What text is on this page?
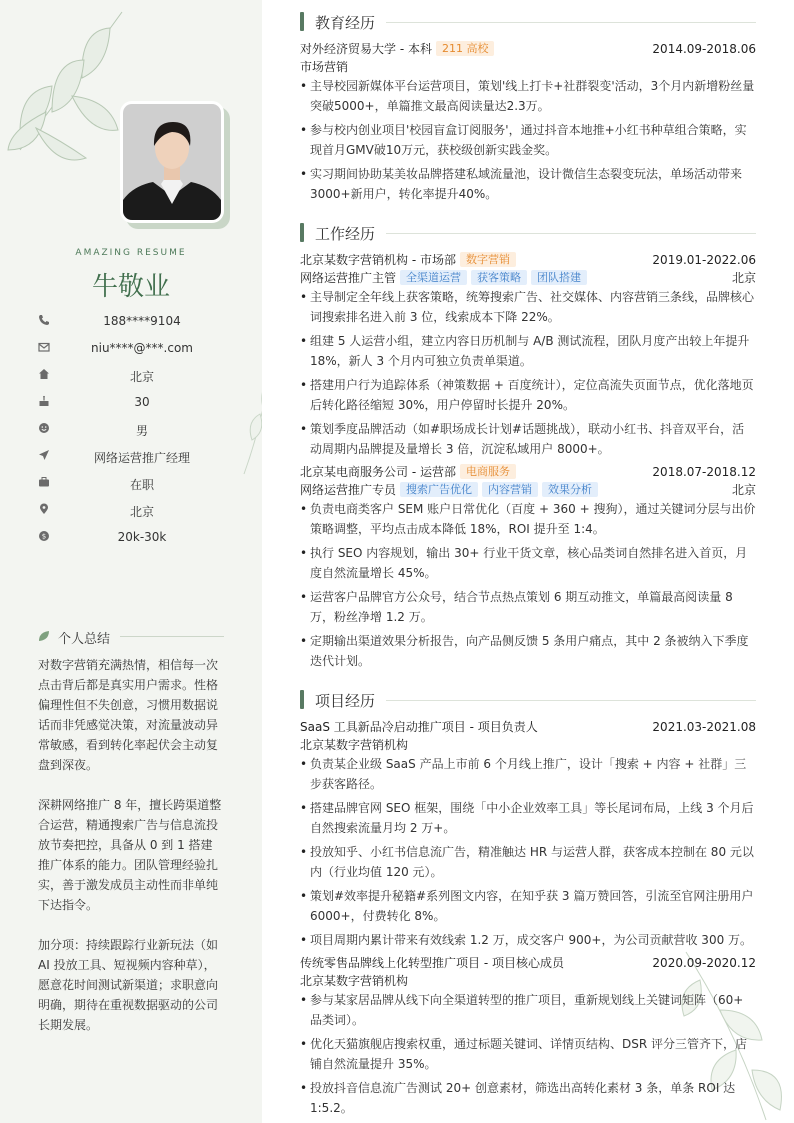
AMAZING RESUME
牛敬业
188****9104
niu****@***.com
北京
30
男
网络运营推广经理
在职
北京
$	20k-30k
个人总结

对数字营销充满热情，相信每一次点击背后都是真实用户需求。性格偏理性但不失创意，习惯用数据说话而非凭感觉决策，对流量波动异常敏感，看到转化率起伏会主动复盘到深夜。

深耕网络推广 8 年，擅长跨渠道整合运营，精通搜索广告与信息流投放节奏把控，具备从 0 到 1 搭建推广体系的能力。团队管理经验扎实，善于激发成员主动性而非单纯下达指令。

加分项：持续跟踪行业新玩法（如 AI 投放工具、短视频内容种草），愿意花时间测试新渠道；求职意向明确，期待在重视数据驱动的公司长期发展。

教育经历
对外经济贸易大学 - 本科 211 高校	2014.09-2018.06
市场营销
• 主导校园新媒体平台运营项目，策划'线上打卡+社群裂变'活动，3个月内新增粉丝量突破5000+，单篇推文最高阅读量达2.3万。
• 参与校内创业项目'校园盲盒订阅服务'，通过抖音本地推+小红书种草组合策略，实现首月GMV破10万元，获校级创新实践金奖。
• 实习期间协助某美妆品牌搭建私域流量池，设计微信生态裂变玩法，单场活动带来3000+新用户，转化率提升40%。
工作经历
北京某数字营销机构 - 市场部 数字营销	2019.01-2022.06
网络运营推广主管 全渠道运营 获客策略 团队搭建	北京
• 主导制定全年线上获客策略，统筹搜索广告、社交媒体、内容营销三条线，品牌核心词搜索排名进入前 3 位，线索成本下降 22%。
• 组建 5 人运营小组，建立内容日历机制与 A/B 测试流程，团队月度产出较上年提升 18%，新人 3 个月内可独立负责单渠道。
• 搭建用户行为追踪体系（神策数据 + 百度统计），定位高流失页面节点，优化落地页后转化路径缩短 30%，用户停留时长提升 20%。
• 策划季度品牌活动（如#职场成长计划#话题挑战），联动小红书、抖音双平台，活动周期内品牌提及量增长 3 倍，沉淀私域用户 8000+。
北京某电商服务公司 - 运营部 电商服务	2018.07-2018.12
网络运营推广专员 搜索广告优化 内容营销 效果分析	北京
• 负责电商类客户 SEM 账户日常优化（百度 + 360 + 搜狗），通过关键词分层与出价策略调整，平均点击成本降低 18%，ROI 提升至 1:4。
• 执行 SEO 内容规划，输出 30+ 行业干货文章，核心品类词自然排名进入首页，月度自然流量增长 45%。
• 运营客户品牌官方公众号，结合节点热点策划 6 期互动推文，单篇最高阅读量 8 万，粉丝净增 1.2 万。
• 定期输出渠道效果分析报告，向产品侧反馈 5 条用户痛点，其中 2 条被纳入下季度迭代计划。
项目经历
SaaS 工具新品冷启动推广项目 - 项目负责人	2021.03-2021.08
北京某数字营销机构
• 负责某企业级 SaaS 产品上市前 6 个月线上推广，设计「搜索 + 内容 + 社群」三步获客路径。
• 搭建品牌官网 SEO 框架，围绕「中小企业效率工具」等长尾词布局，上线 3 个月后自然搜索流量月均 2 万+。
• 投放知乎、小红书信息流广告，精准触达 HR 与运营人群，获客成本控制在 80 元以内（行业均值 120 元）。
• 策划#效率提升秘籍#系列图文内容，在知乎获 3 篇万赞回答，引流至官网注册用户 6000+，付费转化 8%。
• 项目周期内累计带来有效线索 1.2 万，成交客户 900+，为公司贡献营收 300 万。
传统零售品牌线上化转型推广项目 - 项目核心成员	2020.09-2020.12
北京某数字营销机构
• 参与某家居品牌从线下向全渠道转型的推广项目，重新规划线上关键词矩阵（60+ 品类词）。
• 优化天猫旗舰店搜索权重，通过标题关键词、详情页结构、DSR 评分三管齐下，店铺自然流量提升 35%。
• 投放抖音信息流广告测试 20+ 创意素材，筛选出高转化素材 3 条，单条 ROI 达 1:5.2。
